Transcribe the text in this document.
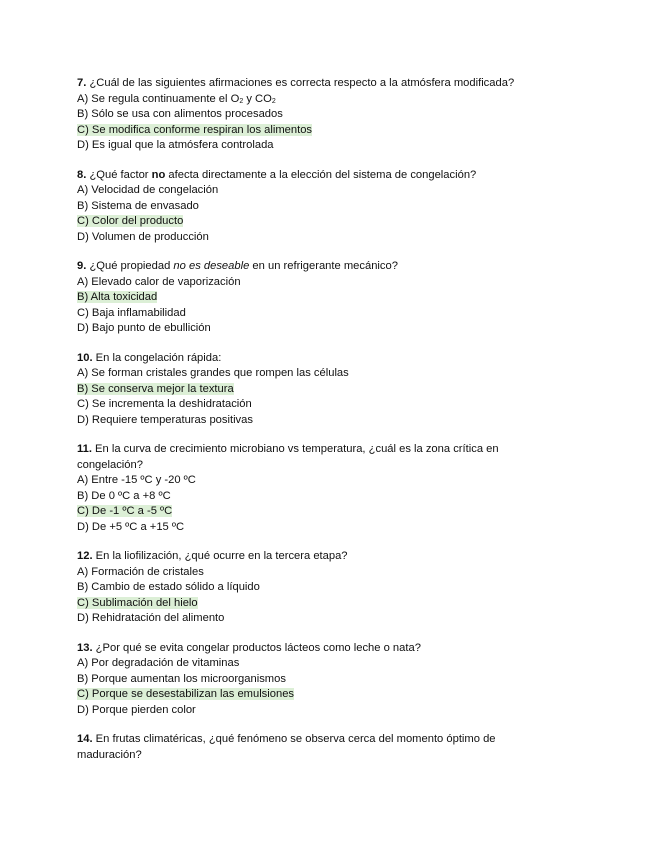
7. ¿Cuál de las siguientes afirmaciones es correcta respecto a la atmósfera modificada?
A) Se regula continuamente el $O_2$ y $CO_2$
B) Sólo se usa con alimentos procesados
C) Se modifica conforme respiran los alimentos
D) Es igual que la atmósfera controlada
8. ¿Qué factor no afecta directamente a la elección del sistema de congelación?
A) Velocidad de congelación
B) Sistema de envasado
C) Color del producto
D) Volumen de producción
9. ¿Qué propiedad no es deseable en un refrigerante mecánico?
A) Elevado calor de vaporización
B) Alta toxicidad
C) Baja inflamabilidad
D) Bajo punto de ebullición
10. En la congelación rápida:
A) Se forman cristales grandes que rompen las células
B) Se conserva mejor la textura
C) Se incrementa la deshidratación
D) Requiere temperaturas positivas
11. En la curva de crecimiento microbiano vs temperatura, ¿cuál es la zona crítica en congelación?
A) Entre -15 ºC y -20 ºC
B) De 0 ºC a +8 ºC
C) De -1 ºC a -5 ºC
D) De +5 ºC a +15 ºC
12. En la liofilización, ¿qué ocurre en la tercera etapa?
A) Formación de cristales
B) Cambio de estado sólido a líquido
C) Sublimación del hielo
D) Rehidratación del alimento
13. ¿Por qué se evita congelar productos lácteos como leche o nata?
A) Por degradación de vitaminas
B) Porque aumentan los microorganismos
C) Porque se desestabilizan las emulsiones
D) Porque pierden color
14. En frutas climatéricas, ¿qué fenómeno se observa cerca del momento óptimo de maduración?
